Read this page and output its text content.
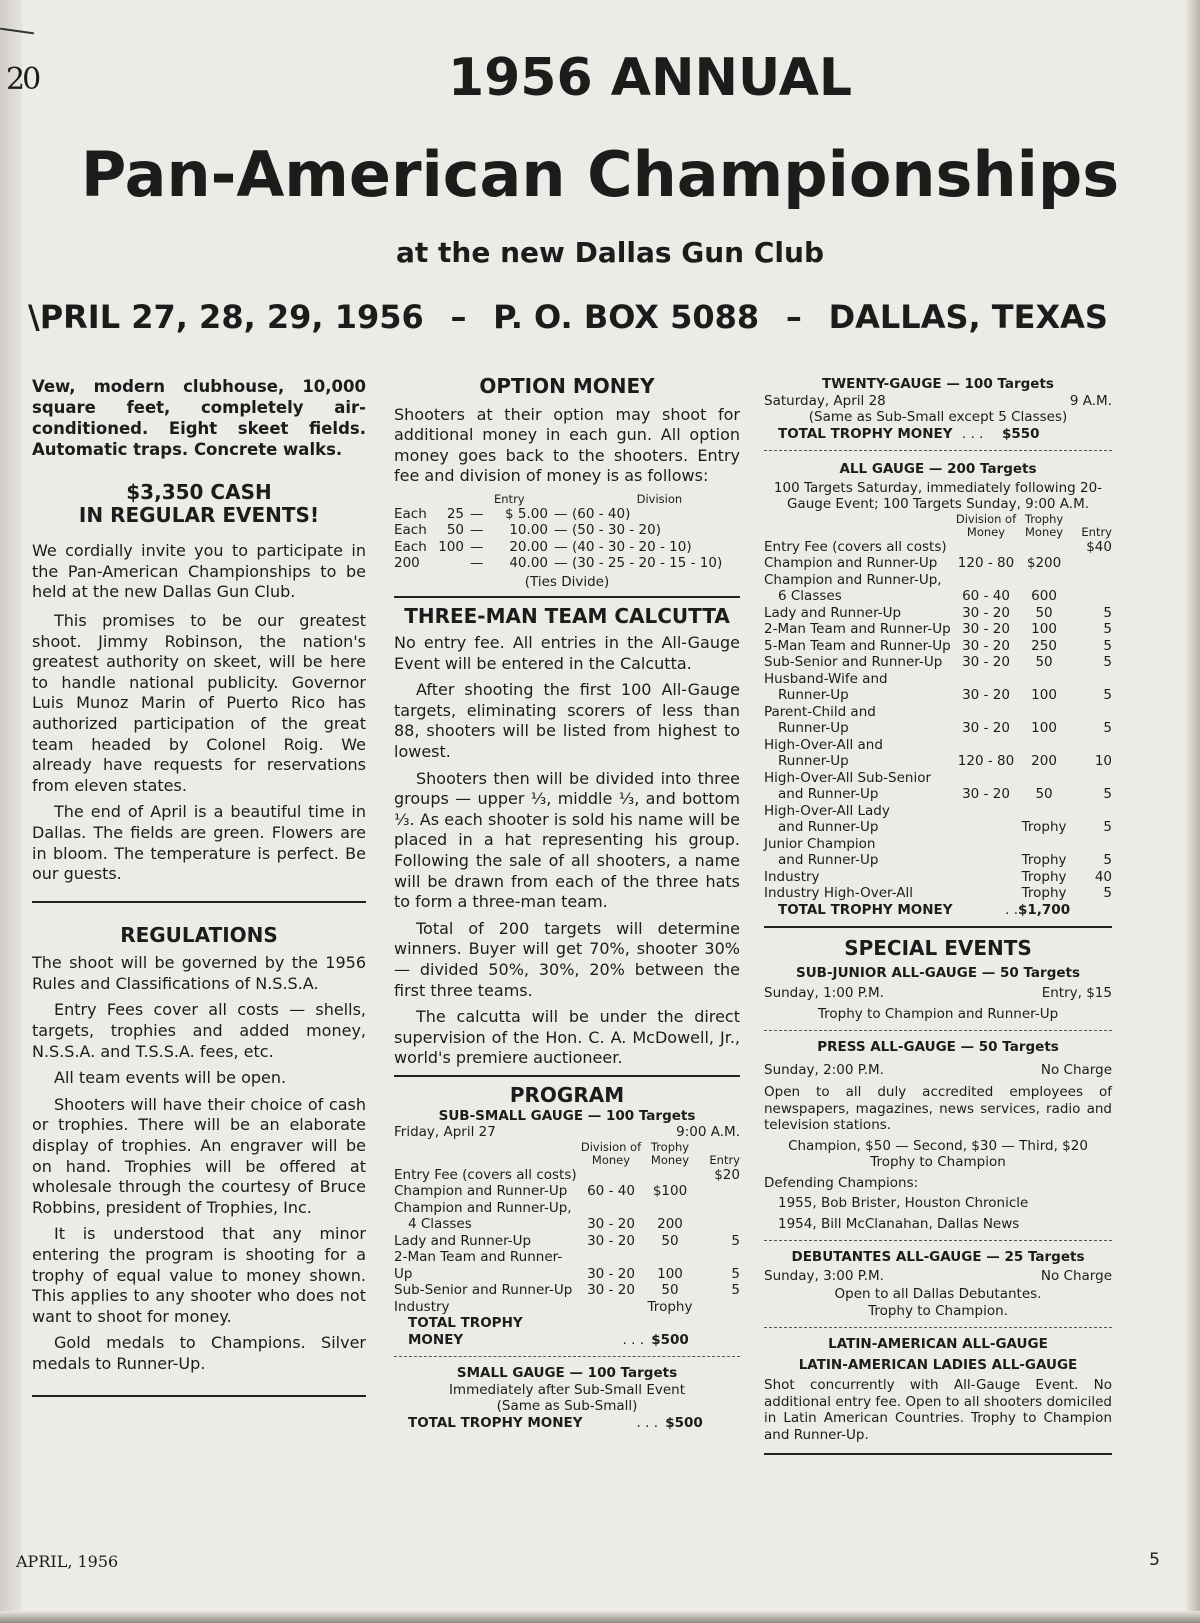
20	1956 ANNUAL
Pan-American Championships
at the new Dallas Gun Club
\PRIL 27, 28, 29, 1956 – P. O. BOX 5088 – DALLAS, TEXAS

Vew, modern clubhouse, 10,000 square feet, completely air-conditioned. Eight skeet fields. Automatic traps. Concrete walks.

$3,350 CASH
IN REGULAR EVENTS!

We cordially invite you to participate in the Pan-American Championships to be held at the new Dallas Gun Club.

This promises to be our greatest shoot. Jimmy Robinson, the nation's greatest authority on skeet, will be here to handle national publicity. Governor Luis Munoz Marin of Puerto Rico has authorized participation of the great team headed by Colonel Roig. We already have requests for reservations from eleven states.

The end of April is a beautiful time in Dallas. The fields are green. Flowers are in bloom. The temperature is perfect. Be our guests.

REGULATIONS

The shoot will be governed by the 1956 Rules and Classifications of N.S.S.A.

Entry Fees cover all costs — shells, targets, trophies and added money, N.S.S.A. and T.S.S.A. fees, etc.

All team events will be open.

Shooters will have their choice of cash or trophies. There will be an elaborate display of trophies. An engraver will be on hand. Trophies will be offered at wholesale through the courtesy of Bruce Robbins, president of Trophies, Inc.

It is understood that any minor entering the program is shooting for a trophy of equal value to money shown. This applies to any shooter who does not want to shoot for money.

Gold medals to Champions. Silver medals to Runner-Up.

OPTION MONEY

Shooters at their option may shoot for additional money in each gun. All option money goes back to the shooters. Entry fee and division of money is as follows:

Entry	Division
Each	25	—	$ 5.00	—	(60 - 40)
Each	50	—	10.00	—	(50 - 30 - 20)
Each	100	—	20.00	—	(40 - 30 - 20 - 10)
200		—	40.00	—	(30 - 25 - 20 - 15 - 10)
(Ties Divide)
THREE-MAN TEAM CALCUTTA

No entry fee. All entries in the All-Gauge Event will be entered in the Calcutta.

After shooting the first 100 All-Gauge targets, eliminating scorers of less than 88, shooters will be listed from highest to lowest.

Shooters then will be divided into three groups — upper ⅓, middle ⅓, and bottom ⅓. As each shooter is sold his name will be placed in a hat representing his group. Following the sale of all shooters, a name will be drawn from each of the three hats to form a three-man team.

Total of 200 targets will determine winners. Buyer will get 70%, shooter 30% — divided 50%, 30%, 20% between the first three teams.

The calcutta will be under the direct supervision of the Hon. C. A. McDowell, Jr., world's premiere auctioneer.

PROGRAM
SUB-SMALL GAUGE — 100 Targets
Friday, April 27	9:00 A.M.
	Division of Money	Trophy Money	Entry
Entry Fee (covers all costs)			$20
Champion and Runner-Up	60 - 40	$100	
Champion and Runner-Up,			
4 Classes	30 - 20	200	
Lady and Runner-Up	30 - 20	50	5
2-Man Team and Runner-Up	30 - 20	100	5
Sub-Senior and Runner-Up	30 - 20	50	5
Industry		Trophy	
TOTAL TROPHY MONEY	. . .	$500	
SMALL GAUGE — 100 Targets
Immediately after Sub-Small Event
(Same as Sub-Small)
TOTAL TROPHY MONEY	. . .	$500	
TWENTY-GAUGE — 100 Targets
Saturday, April 28	9 A.M.
(Same as Sub-Small except 5 Classes)
TOTAL TROPHY MONEY	. . .	$550
ALL GAUGE — 200 Targets
100 Targets Saturday, immediately following 20-Gauge Event; 100 Targets Sunday, 9:00 A.M.
	Division of Money	Trophy Money	Entry
Entry Fee (covers all costs)			$40
Champion and Runner-Up	120 - 80	$200	
Champion and Runner-Up,			
6 Classes	60 - 40	600	
Lady and Runner-Up	30 - 20	50	5
2-Man Team and Runner-Up	30 - 20	100	5
5-Man Team and Runner-Up	30 - 20	250	5
Sub-Senior and Runner-Up	30 - 20	50	5
Husband-Wife and			
Runner-Up	30 - 20	100	5
Parent-Child and			
Runner-Up	30 - 20	100	5
High-Over-All and			
Runner-Up	120 - 80	200	10
High-Over-All Sub-Senior			
and Runner-Up	30 - 20	50	5
High-Over-All Lady			
and Runner-Up		Trophy	5
Junior Champion			
and Runner-Up		Trophy	5
Industry		Trophy	40
Industry High-Over-All		Trophy	5
TOTAL TROPHY MONEY	. .	$1,700	
SPECIAL EVENTS
SUB-JUNIOR ALL-GAUGE — 50 Targets
Sunday, 1:00 P.M.	Entry, $15
Trophy to Champion and Runner-Up
PRESS ALL-GAUGE — 50 Targets
Sunday, 2:00 P.M.	No Charge
Open to all duly accredited employees of newspapers, magazines, news services, radio and television stations.
Champion, $50 — Second, $30 — Third, $20
Trophy to Champion
Defending Champions:
1955, Bob Brister, Houston Chronicle
1954, Bill McClanahan, Dallas News
DEBUTANTES ALL-GAUGE — 25 Targets
Sunday, 3:00 P.M.	No Charge
Open to all Dallas Debutantes.
Trophy to Champion.
LATIN-AMERICAN ALL-GAUGE
LATIN-AMERICAN LADIES ALL-GAUGE
Shot concurrently with All-Gauge Event. No additional entry fee. Open to all shooters domiciled in Latin American Countries. Trophy to Champion and Runner-Up.
APRIL, 1956	5
